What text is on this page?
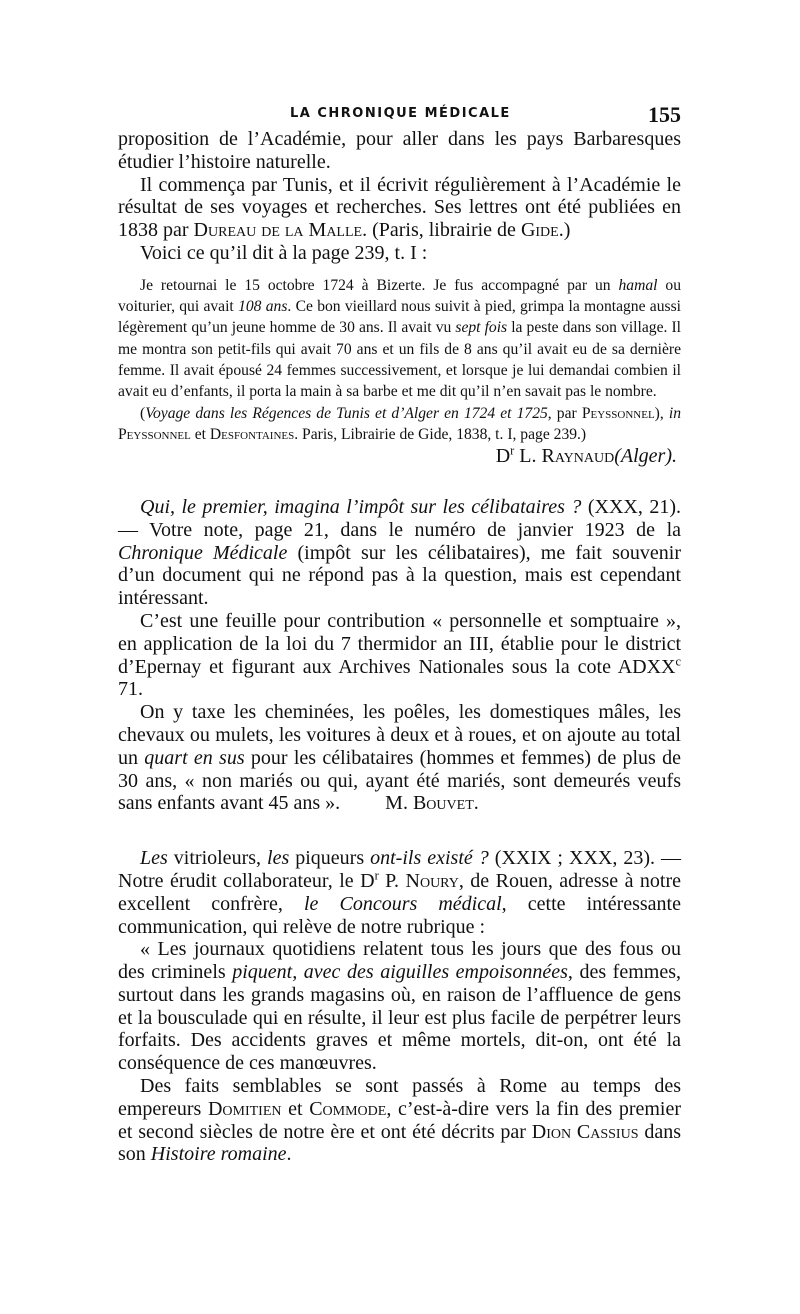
LA CHRONIQUE MÉDICALE	155

proposition de l’Académie, pour aller dans les pays Barbaresques étudier l’histoire naturelle.

Il commença par Tunis, et il écrivit régulièrement à l’Académie le résultat de ses voyages et recherches. Ses lettres ont été publiées en 1838 par Dureau de la Malle. (Paris, librairie de Gide.)

Voici ce qu’il dit à la page 239, t. I :

Je retournai le 15 octobre 1724 à Bizerte. Je fus accompagné par un hamal ou voiturier, qui avait 108 ans. Ce bon vieillard nous suivit à pied, grimpa la montagne aussi légèrement qu’un jeune homme de 30 ans. Il avait vu sept fois la peste dans son village. Il me montra son petit-fils qui avait 70 ans et un fils de 8 ans qu’il avait eu de sa dernière femme. Il avait épousé 24 femmes successivement, et lorsque je lui demandai combien il avait eu d’enfants, il porta la main à sa barbe et me dit qu’il n’en savait pas le nombre.

(Voyage dans les Régences de Tunis et d’Alger en 1724 et 1725, par Peyssonnel), in Peyssonnel et Desfontaines. Paris, Librairie de Gide, 1838, t. I, page 239.)

$D^r$ L. Raynaud(Alger).

Qui, le premier, imagina l’impôt sur les célibataires ? (XXX, 21). — Votre note, page 21, dans le numéro de janvier 1923 de la Chronique Médicale (impôt sur les célibataires), me fait souvenir d’un document qui ne répond pas à la question, mais est cependant intéressant.

C’est une feuille pour contribution « personnelle et somptuaire », en application de la loi du 7 thermidor an III, établie pour le district d’Epernay et figurant aux Archives Nationales sous la cote ADXX$^c$ 71.

On y taxe les cheminées, les poêles, les domestiques mâles, les chevaux ou mulets, les voitures à deux et à roues, et on ajoute au total un quart en sus pour les célibataires (hommes et femmes) de plus de 30 ans, « non mariés ou qui, ayant été mariés, sont demeurés veufs sans enfants avant 45 ans ». M. Bouvet.

Les vitrioleurs, les piqueurs ont-ils existé ? (XXIX ; XXX, 23). — Notre érudit collaborateur, le $D^r$ P. Noury, de Rouen, adresse à notre excellent confrère, le Concours médical, cette intéressante communication, qui relève de notre rubrique :

« Les journaux quotidiens relatent tous les jours que des fous ou des criminels piquent, avec des aiguilles empoisonnées, des femmes, surtout dans les grands magasins où, en raison de l’affluence de gens et la bousculade qui en résulte, il leur est plus facile de perpétrer leurs forfaits. Des accidents graves et même mortels, dit-on, ont été la conséquence de ces manœuvres.

Des faits semblables se sont passés à Rome au temps des empereurs Domitien et Commode, c’est-à-dire vers la fin des premier et second siècles de notre ère et ont été décrits par Dion Cassius dans son Histoire romaine.
